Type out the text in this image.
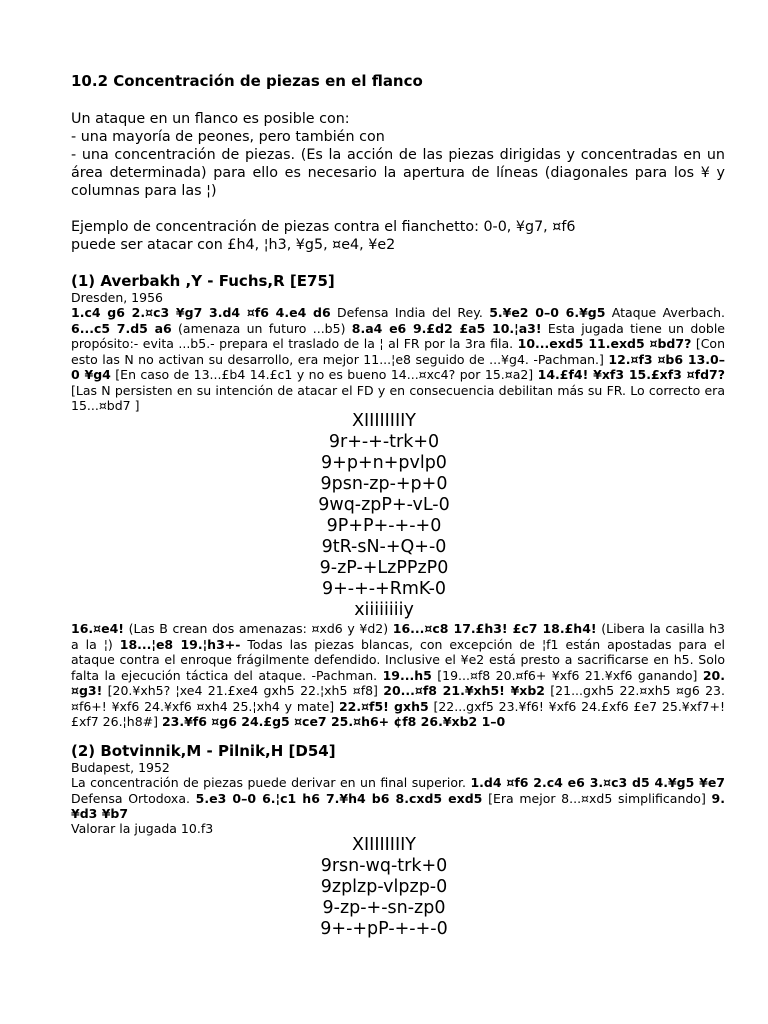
10.2 Concentración de piezas en el flanco

Un ataque en un flanco es posible con:

- una mayoría de peones, pero también con

- una concentración de piezas. (Es la acción de las piezas dirigidas y concentradas en un área determinada) para ello es necesario la apertura de líneas (diagonales para los ¥ y columnas para las ¦)

Ejemplo de concentración de piezas contra el fianchetto: 0-0, ¥g7, ¤f6

puede ser atacar con £h4, ¦h3, ¥g5, ¤e4, ¥e2

(1) Averbakh ,Y - Fuchs,R [E75]
Dresden, 1956
1.c4 g6 2.¤c3 ¥g7 3.d4 ¤f6 4.e4 d6 Defensa India del Rey. 5.¥e2 0–0 6.¥g5 Ataque Averbach. 6...c5 7.d5 a6 (amenaza un futuro ...b5) 8.a4 e6 9.£d2 £a5 10.¦a3! Esta jugada tiene un doble propósito:- evita ...b5.- prepara el traslado de la ¦ al FR por la 3ra fila. 10...exd5 11.exd5 ¤bd7? [Con esto las N no activan su desarrollo, era mejor 11...¦e8 seguido de ...¥g4. -Pachman.] 12.¤f3 ¤b6 13.0–0 ¥g4 [En caso de 13...£b4 14.£c1 y no es bueno 14...¤xc4? por 15.¤a2] 14.£f4! ¥xf3 15.£xf3 ¤fd7? [Las N persisten en su intención de atacar el FD y en consecuencia debilitan más su FR. Lo correcto era 15...¤bd7 ]
XIIIIIIIIY
9r+-+-trk+0
9+p+n+pvlp0
9psn-zp-+p+0
9wq-zpP+-vL-0
9P+P+-+-+0
9tR-sN-+Q+-0
9-zP-+LzPPzP0
9+-+-+RmK-0
xiiiiiiiiy
16.¤e4! (Las B crean dos amenazas: ¤xd6 y ¥d2) 16...¤c8 17.£h3! £c7 18.£h4! (Libera la casilla h3 a la ¦) 18...¦e8 19.¦h3+- Todas las piezas blancas, con excepción de ¦f1 están apostadas para el ataque contra el enroque frágilmente defendido. Inclusive el ¥e2 está presto a sacrificarse en h5. Solo falta la ejecución táctica del ataque. -Pachman. 19...h5 [19...¤f8 20.¤f6+ ¥xf6 21.¥xf6 ganando] 20.¤g3! [20.¥xh5? ¦xe4 21.£xe4 gxh5 22.¦xh5 ¤f8] 20...¤f8 21.¥xh5! ¥xb2 [21...gxh5 22.¤xh5 ¤g6 23.¤f6+! ¥xf6 24.¥xf6 ¤xh4 25.¦xh4 y mate] 22.¤f5! gxh5 [22...gxf5 23.¥f6! ¥xf6 24.£xf6 £e7 25.¥xf7+! £xf7 26.¦h8#] 23.¥f6 ¤g6 24.£g5 ¤ce7 25.¤h6+ ¢f8 26.¥xb2 1–0
(2) Botvinnik,M - Pilnik,H [D54]
Budapest, 1952
La concentración de piezas puede derivar en un final superior. 1.d4 ¤f6 2.c4 e6 3.¤c3 d5 4.¥g5 ¥e7 Defensa Ortodoxa. 5.e3 0–0 6.¦c1 h6 7.¥h4 b6 8.cxd5 exd5 [Era mejor 8...¤xd5 simplificando] 9.¥d3 ¥b7
Valorar la jugada 10.f3
XIIIIIIIIY
9rsn-wq-trk+0
9zplzp-vlpzp-0
9-zp-+-sn-zp0
9+-+pP-+-+-0
